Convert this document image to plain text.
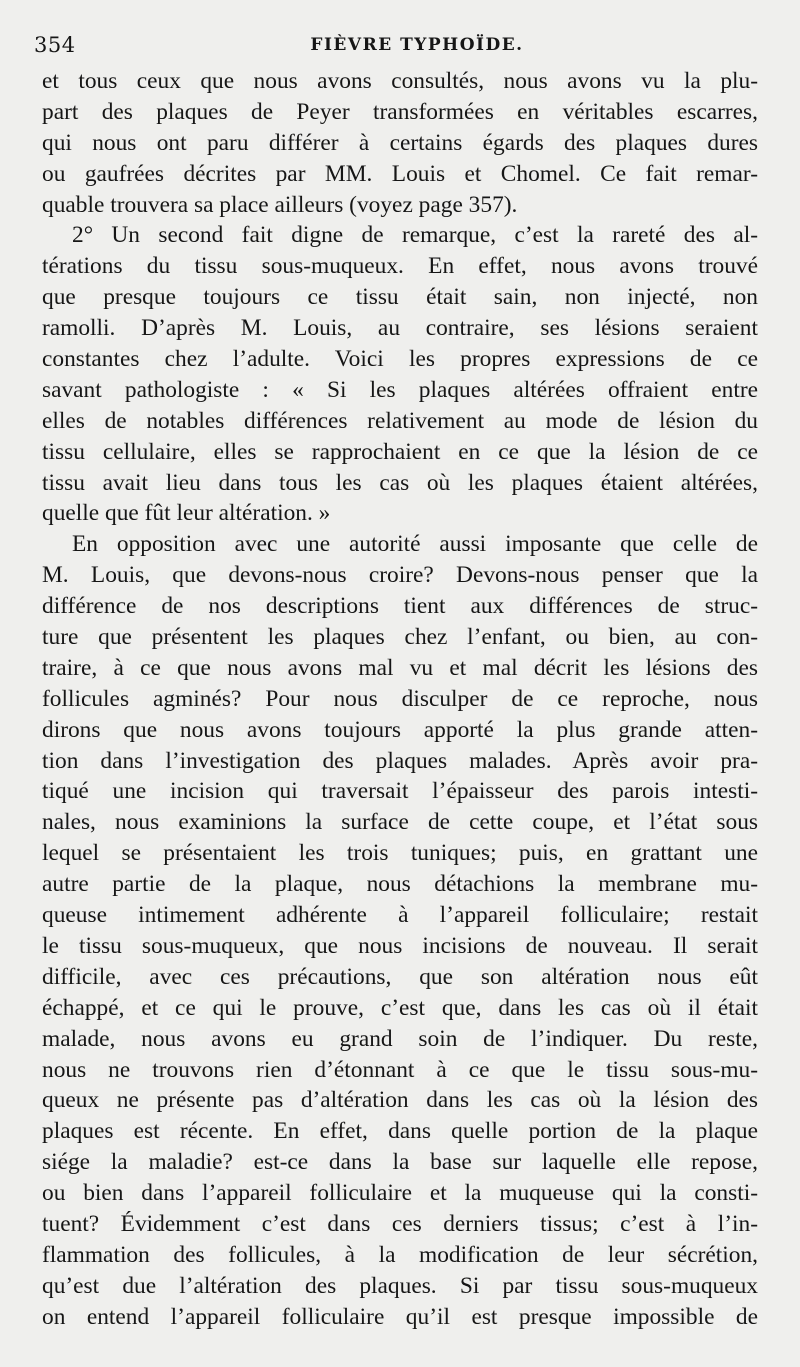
354	FIÈVRE TYPHOÏDE.
et tous ceux que nous avons consultés, nous avons vu la plu-
part des plaques de Peyer transformées en véritables escarres,
qui nous ont paru différer à certains égards des plaques dures
ou gaufrées décrites par MM. Louis et Chomel. Ce fait remar-
quable trouvera sa place ailleurs (voyez page 357).
2° Un second fait digne de remarque, c’est la rareté des al-
térations du tissu sous-muqueux. En effet, nous avons trouvé
que presque toujours ce tissu était sain, non injecté, non
ramolli. D’après M. Louis, au contraire, ses lésions seraient
constantes chez l’adulte. Voici les propres expressions de ce
savant pathologiste : « Si les plaques altérées offraient entre
elles de notables différences relativement au mode de lésion du
tissu cellulaire, elles se rapprochaient en ce que la lésion de ce
tissu avait lieu dans tous les cas où les plaques étaient altérées,
quelle que fût leur altération. »
En opposition avec une autorité aussi imposante que celle de
M. Louis, que devons-nous croire? Devons-nous penser que la
différence de nos descriptions tient aux différences de struc-
ture que présentent les plaques chez l’enfant, ou bien, au con-
traire, à ce que nous avons mal vu et mal décrit les lésions des
follicules agminés? Pour nous disculper de ce reproche, nous
dirons que nous avons toujours apporté la plus grande atten-
tion dans l’investigation des plaques malades. Après avoir pra-
tiqué une incision qui traversait l’épaisseur des parois intesti-
nales, nous examinions la surface de cette coupe, et l’état sous
lequel se présentaient les trois tuniques; puis, en grattant une
autre partie de la plaque, nous détachions la membrane mu-
queuse intimement adhérente à l’appareil folliculaire; restait
le tissu sous-muqueux, que nous incisions de nouveau. Il serait
difficile, avec ces précautions, que son altération nous eût
échappé, et ce qui le prouve, c’est que, dans les cas où il était
malade, nous avons eu grand soin de l’indiquer. Du reste,
nous ne trouvons rien d’étonnant à ce que le tissu sous-mu-
queux ne présente pas d’altération dans les cas où la lésion des
plaques est récente. En effet, dans quelle portion de la plaque
siége la maladie? est-ce dans la base sur laquelle elle repose,
ou bien dans l’appareil folliculaire et la muqueuse qui la consti-
tuent? Évidemment c’est dans ces derniers tissus; c’est à l’in-
flammation des follicules, à la modification de leur sécrétion,
qu’est due l’altération des plaques. Si par tissu sous-muqueux
on entend l’appareil folliculaire qu’il est presque impossible de
